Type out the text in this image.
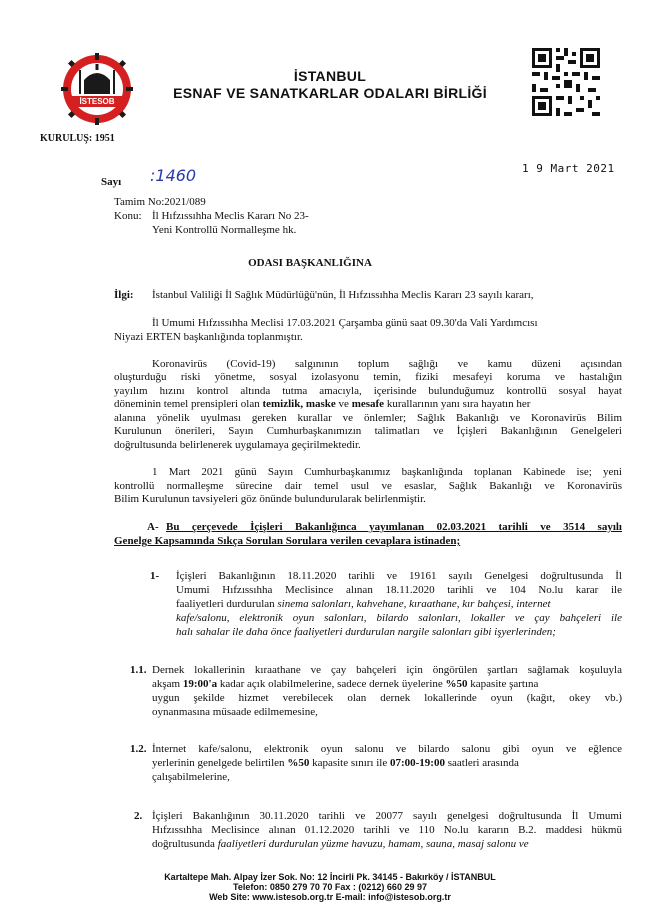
İSTESOB
1951
İSTANBUL
ESNAF VE SANATKARLAR ODALARI BİRLİĞİ
KURULUŞ: 1951
1 9 Mart 2021
Sayı :1460
Tamim No:2021/089
Konu: İl Hıfzıssıhha Meclis Kararı No 23-
Yeni Kontrollü Normalleşme hk.
ODASI BAŞKANLIĞINA
İlgi: İstanbul Valiliği İl Sağlık Müdürlüğü'nün, İl Hıfzıssıhha Meclis Kararı 23 sayılı kararı,
İl Umumi Hıfzıssıhha Meclisi 17.03.2021 Çarşamba günü saat 09.30'da Vali Yardımcısı
Niyazi ERTEN başkanlığında toplanmıştır.
Koronavirüs (Covid-19) salgınının toplum sağlığı ve kamu düzeni açısından
oluşturduğu riski yönetme, sosyal izolasyonu temin, fiziki mesafeyi koruma ve hastalığın
yayılım hızını kontrol altında tutma amacıyla, içerisinde bulunduğumuz kontrollü sosyal hayat
döneminin temel prensipleri olan temizlik, maske ve mesafe kurallarının yanı sıra hayatın her
alanına yönelik uyulması gereken kurallar ve önlemler; Sağlık Bakanlığı ve Koronavirüs Bilim
Kurulunun önerileri, Sayın Cumhurbaşkanımızın talimatları ve İçişleri Bakanlığının Genelgeleri
doğrultusunda belirlenerek uygulamaya geçirilmektedir.
1 Mart 2021 günü Sayın Cumhurbaşkanımız başkanlığında toplanan Kabinede ise; yeni
kontrollü normalleşme sürecine dair temel usul ve esaslar, Sağlık Bakanlığı ve Koronavirüs
Bilim Kurulunun tavsiyeleri göz önünde bulundurularak belirlenmiştir.
A- Bu çerçevede İçişleri Bakanlığınca yayımlanan 02.03.2021 tarihli ve 3514 sayılı
Genelge Kapsamında Sıkça Sorulan Sorulara verilen cevaplara istinaden;
1- İçişleri Bakanlığının 18.11.2020 tarihli ve 19161 sayılı Genelgesi doğrultusunda İl
Umumi Hıfzıssıhha Meclisince alınan 18.11.2020 tarihli ve 104 No.lu karar ile
faaliyetleri durdurulan sinema salonları, kahvehane, kıraathane, kır bahçesi, internet
kafe/salonu, elektronik oyun salonları, bilardo salonları, lokaller ve çay bahçeleri ile
halı sahalar ile daha önce faaliyetleri durdurulan nargile salonları gibi işyerlerinden;
1.1. Dernek lokallerinin kıraathane ve çay bahçeleri için öngörülen şartları sağlamak koşuluyla
akşam 19:00'a kadar açık olabilmelerine, sadece dernek üyelerine %50 kapasite şartına
uygun şekilde hizmet verebilecek olan dernek lokallerinde oyun (kağıt, okey vb.)
oynanmasına müsaade edilmemesine,
1.2. İnternet kafe/salonu, elektronik oyun salonu ve bilardo salonu gibi oyun ve eğlence
yerlerinin genelgede belirtilen %50 kapasite sınırı ile 07:00-19:00 saatleri arasında
çalışabilmelerine,
2. İçişleri Bakanlığının 30.11.2020 tarihli ve 20077 sayılı genelgesi doğrultusunda İl Umumi
Hıfzıssıhha Meclisince alınan 01.12.2020 tarihli ve 110 No.lu kararın B.2. maddesi hükmü
doğrultusunda faaliyetleri durdurulan yüzme havuzu, hamam, sauna, masaj salonu ve
Kartaltepe Mah. Alpay İzer Sok. No: 12 İncirli Pk. 34145 - Bakırköy / İSTANBUL
Telefon: 0850 279 70 70 Fax : (0212) 660 29 97
Web Site: www.istesob.org.tr E-mail: info@istesob.org.tr
